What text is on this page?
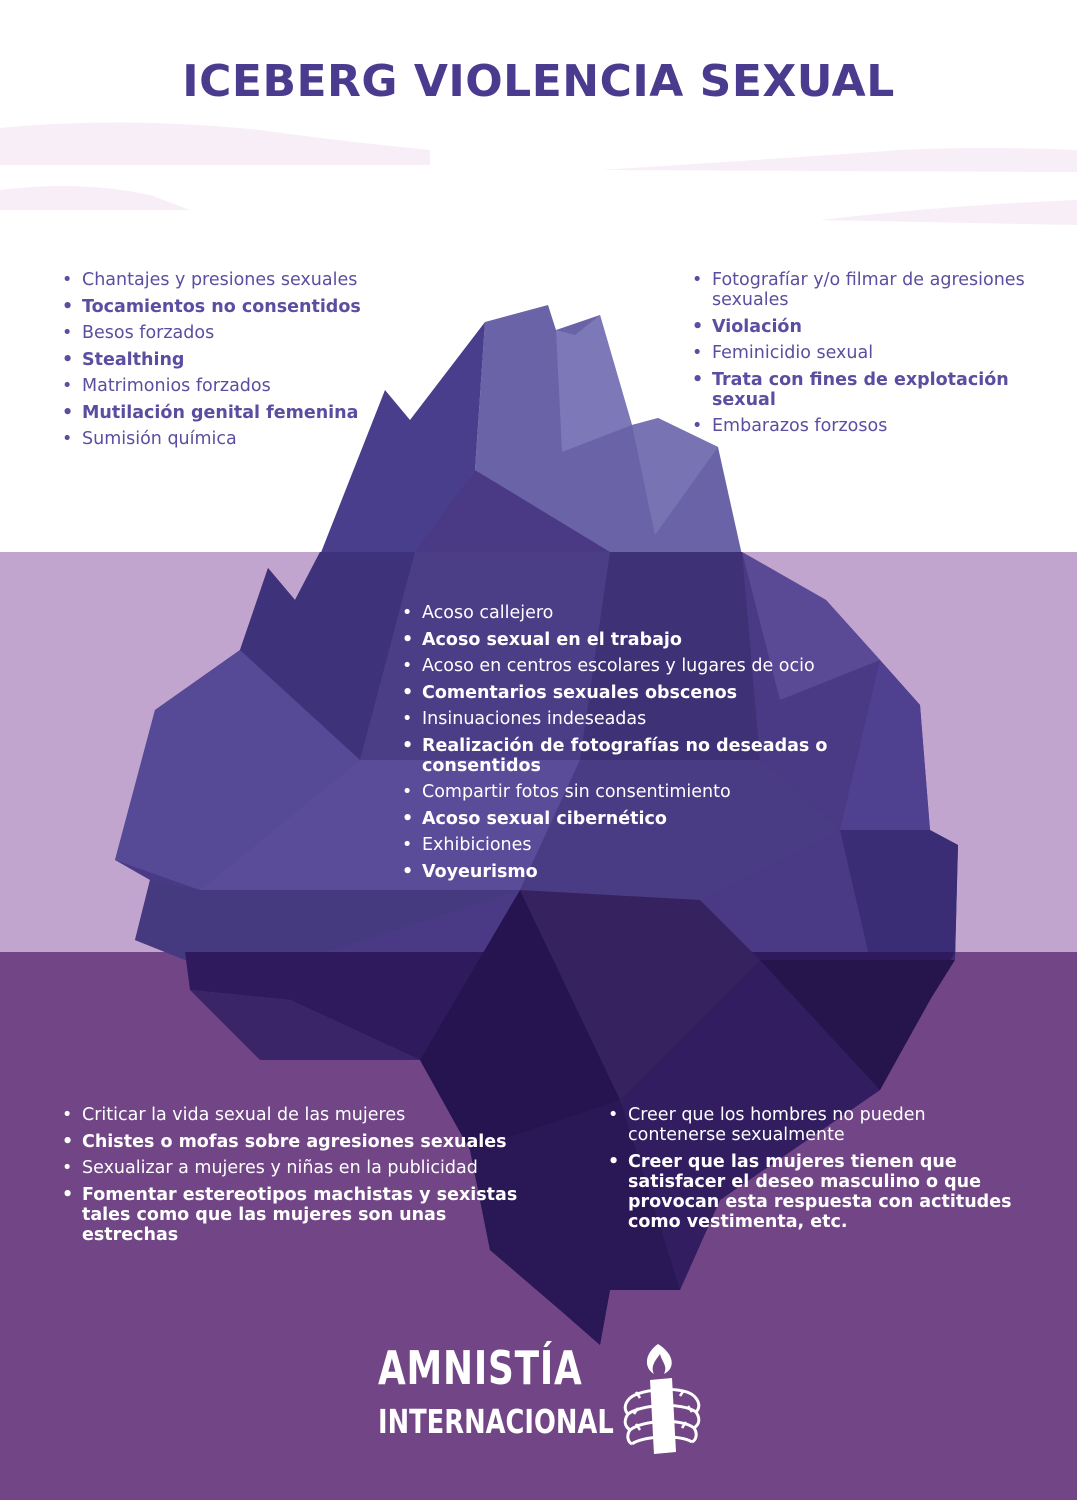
ICEBERG VIOLENCIA SEXUAL
• Chantajes y presiones sexuales
• Tocamientos no consentidos
• Besos forzados
• Stealthing
• Matrimonios forzados
• Mutilación genital femenina
• Sumisión química
• Fotografíar y/o filmar de agresiones sexuales
• Violación
• Feminicidio sexual
• Trata con fines de explotación sexual
• Embarazos forzosos
• Acoso callejero
• Acoso sexual en el trabajo
• Acoso en centros escolares y lugares de ocio
• Comentarios sexuales obscenos
• Insinuaciones indeseadas
• Realización de fotografías no deseadas o consentidos
• Compartir fotos sin consentimiento
• Acoso sexual cibernético
• Exhibiciones
• Voyeurismo
• Criticar la vida sexual de las mujeres
• Chistes o mofas sobre agresiones sexuales
• Sexualizar a mujeres y niñas en la publicidad
• Fomentar estereotipos machistas y sexistas tales como que las mujeres son unas estrechas
• Creer que los hombres no pueden contenerse sexualmente
• Creer que las mujeres tienen que satisfacer el deseo masculino o que provocan esta respuesta con actitudes como vestimenta, etc.
AMNISTÍA
INTERNACIONAL
